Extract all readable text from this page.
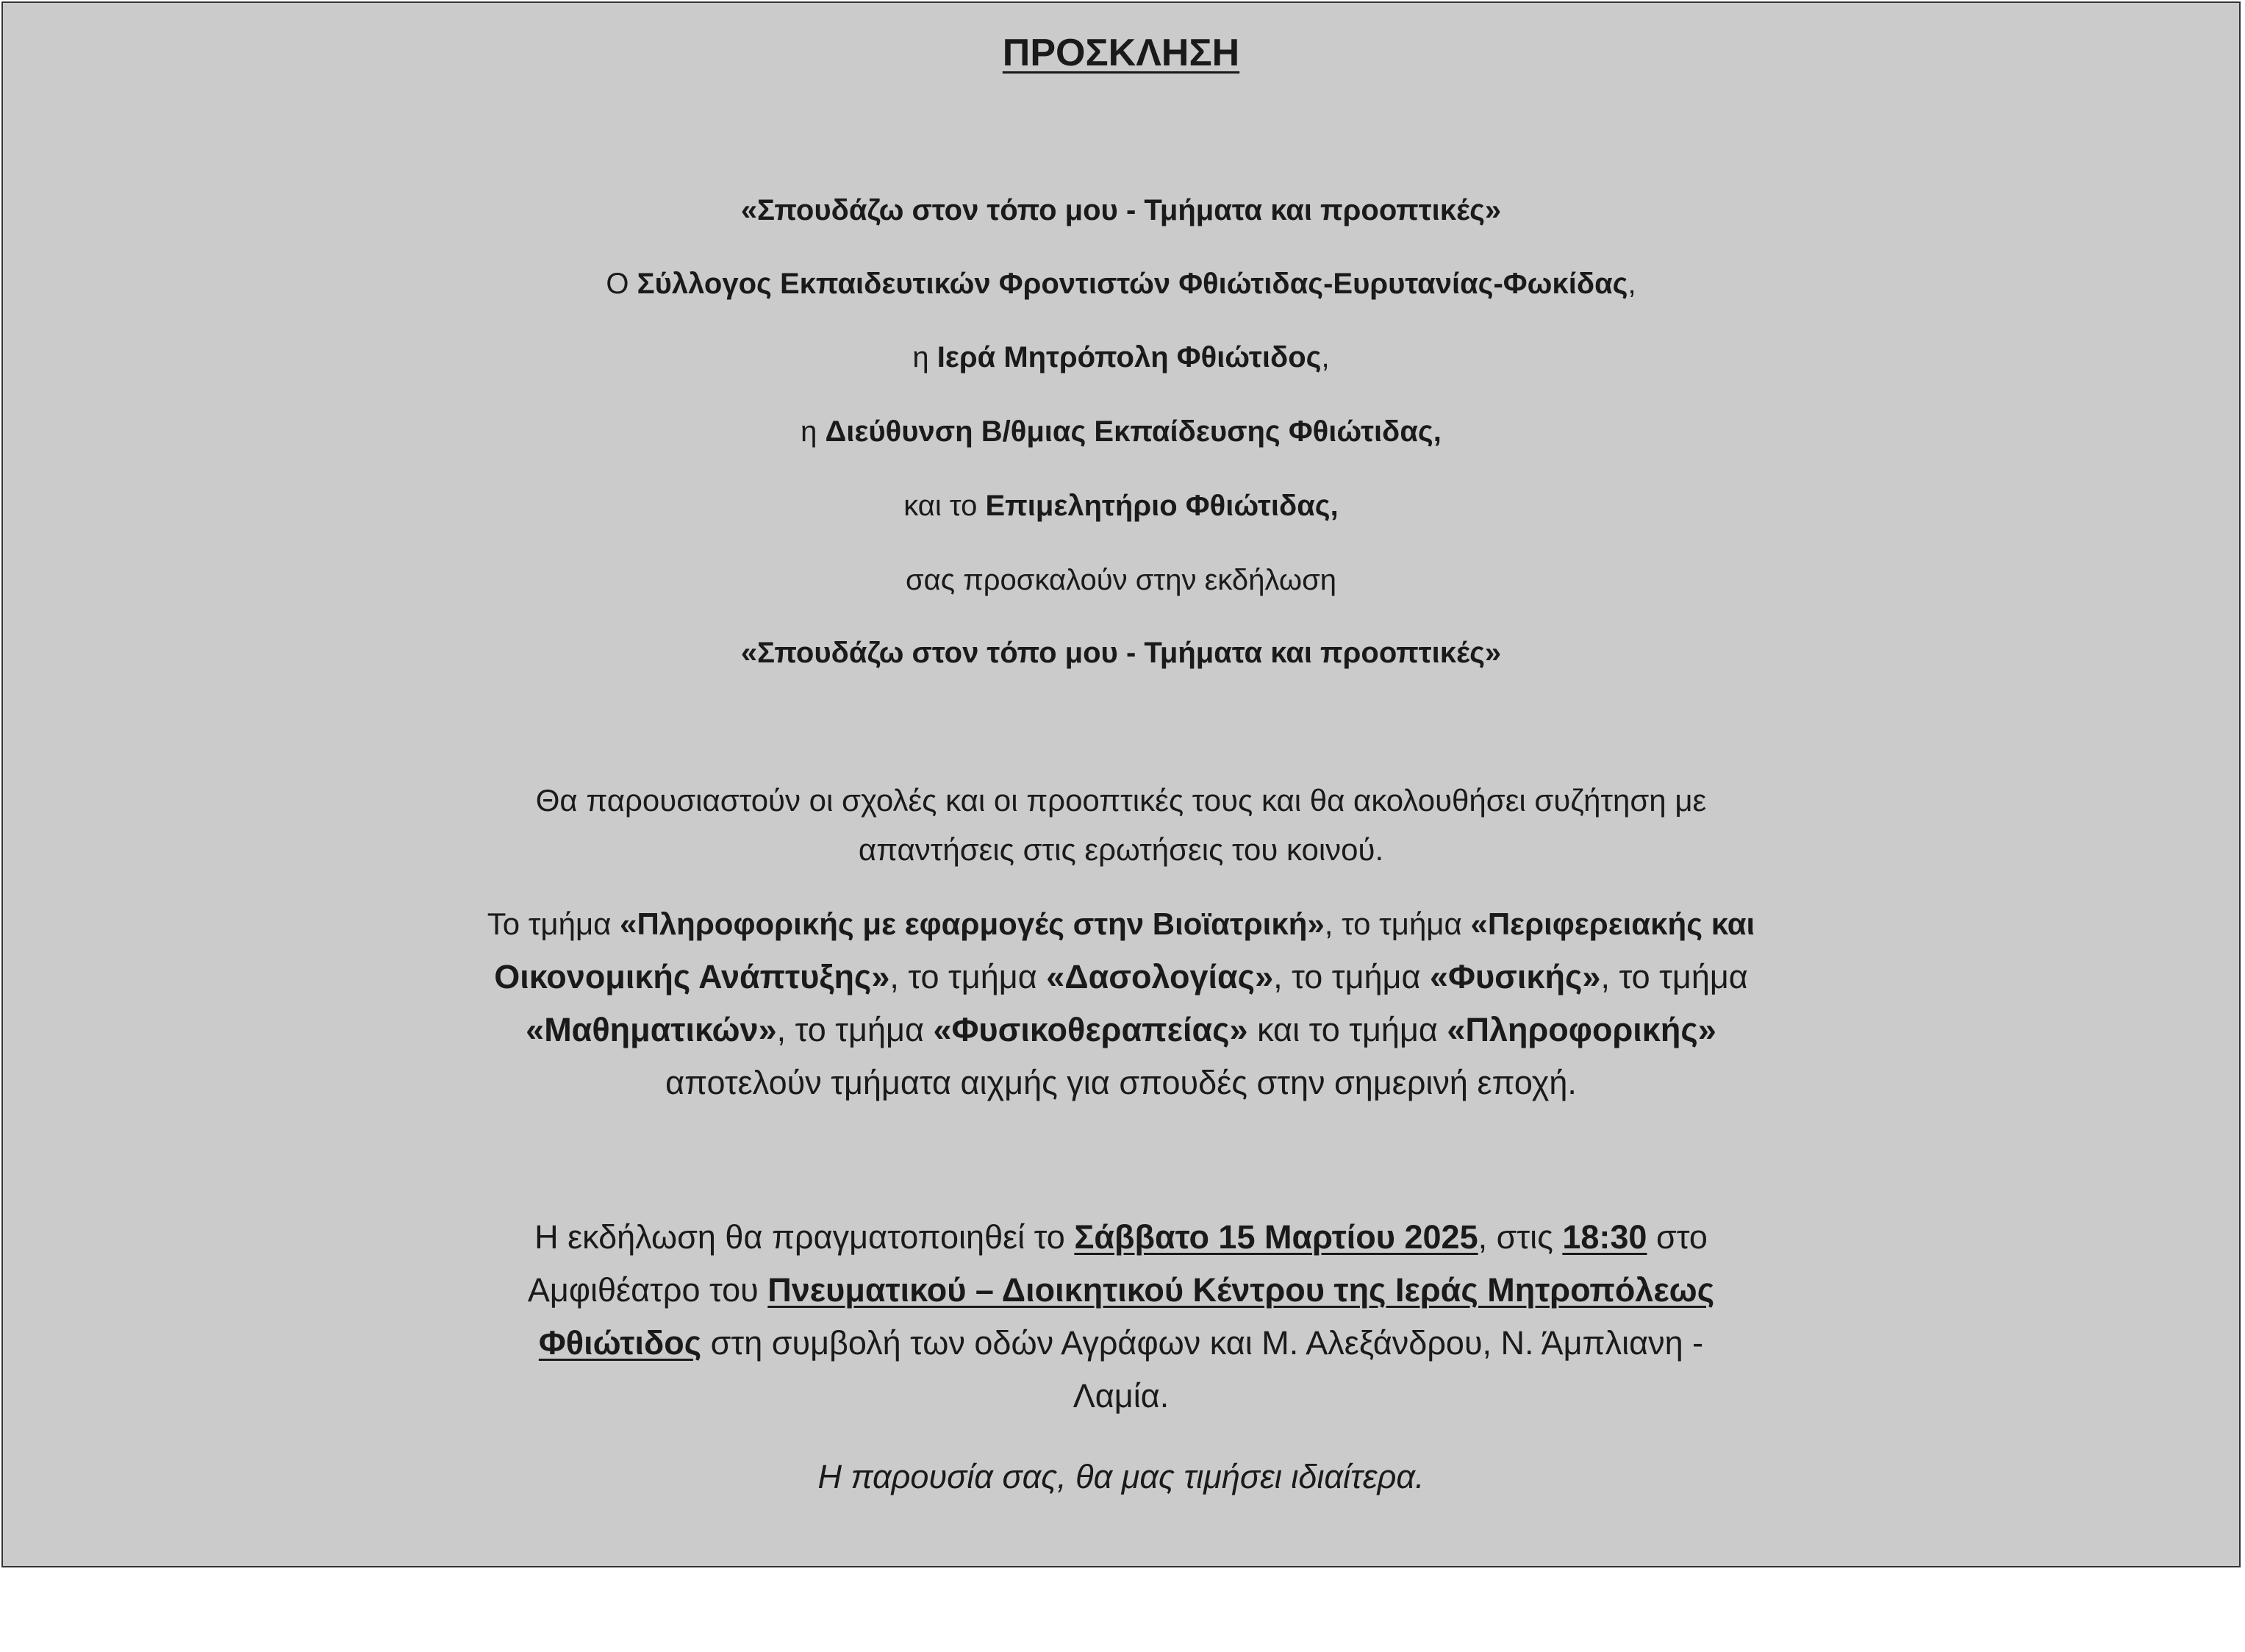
ΠΡΟΣΚΛΗΣΗ
«Σπουδάζω στον τόπο μου - Τμήματα και προοπτικές»
Ο Σύλλογος Εκπαιδευτικών Φροντιστών Φθιώτιδας-Ευρυτανίας-Φωκίδας,
η Ιερά Μητρόπολη Φθιώτιδος,
η Διεύθυνση Β/θμιας Εκπαίδευσης Φθιώτιδας,
και το Επιμελητήριο Φθιώτιδας,
σας προσκαλούν στην εκδήλωση
«Σπουδάζω στον τόπο μου - Τμήματα και προοπτικές»
Θα παρουσιαστούν οι σχολές και οι προοπτικές τους και θα ακολουθήσει συζήτηση με
απαντήσεις στις ερωτήσεις του κοινού.
Το τμήμα «Πληροφορικής με εφαρμογές στην Βιοϊατρική», το τμήμα «Περιφερειακής και
Οικονομικής Ανάπτυξης», το τμήμα «Δασολογίας», το τμήμα «Φυσικής», το τμήμα
«Μαθηματικών», το τμήμα «Φυσικοθεραπείας» και το τμήμα «Πληροφορικής»
αποτελούν τμήματα αιχμής για σπουδές στην σημερινή εποχή.
Η εκδήλωση θα πραγματοποιηθεί το Σάββατο 15 Μαρτίου 2025, στις 18:30 στο
Αμφιθέατρο του Πνευματικού – Διοικητικού Κέντρου της Ιεράς Μητροπόλεως
Φθιώτιδος στη συμβολή των οδών Αγράφων και Μ. Αλεξάνδρου, Ν. Άμπλιανη -
Λαμία.
Η παρουσία σας, θα μας τιμήσει ιδιαίτερα.
